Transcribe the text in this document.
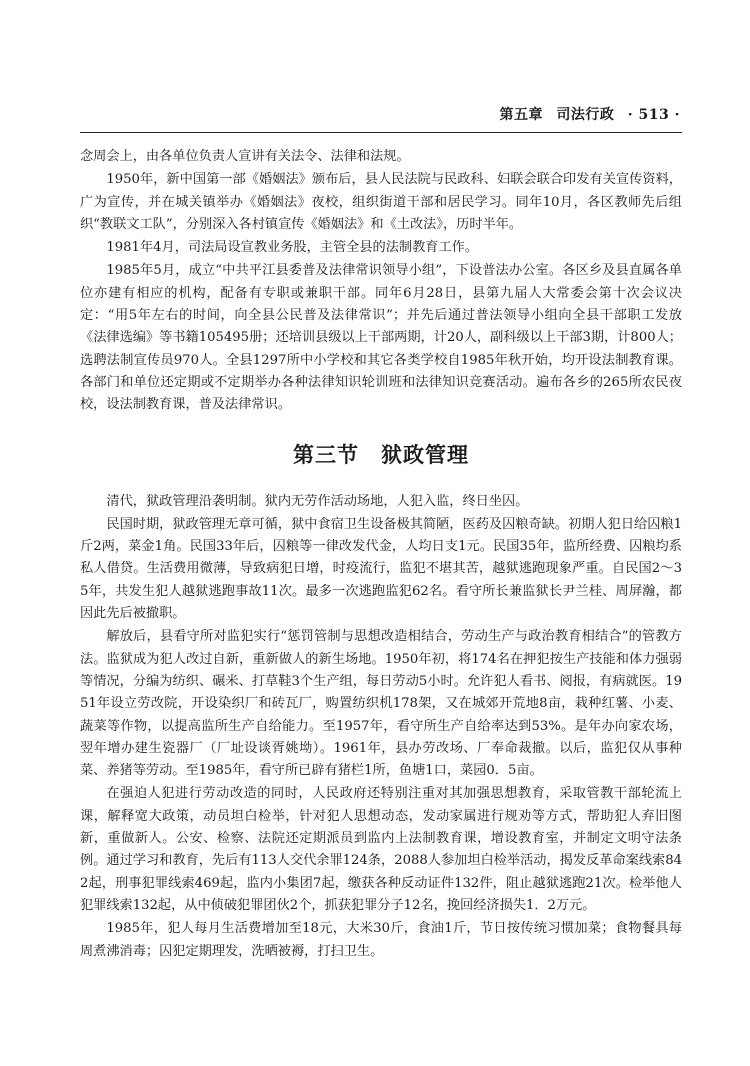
第五章 司法行政 · 513 ·

念周会上，由各单位负责人宣讲有关法令、法律和法规。

1950年，新中国第一部《婚姻法》颁布后，县人民法院与民政科、妇联会联合印发有关宣传资料，广为宣传，并在城关镇举办《婚姻法》夜校，组织街道干部和居民学习。同年10月，各区教师先后组织“教联文工队”，分别深入各村镇宣传《婚姻法》和《土改法》，历时半年。

1981年4月，司法局设宣教业务股，主管全县的法制教育工作。

1985年5月，成立“中共平江县委普及法律常识领导小组”，下设普法办公室。各区乡及县直属各单位亦建有相应的机构，配备有专职或兼职干部。同年6月28日，县第九届人大常委会第十次会议决定：“用5年左右的时间，向全县公民普及法律常识”；并先后通过普法领导小组向全县干部职工发放《法律选编》等书籍105495册；还培训县级以上干部两期，计20人，副科级以上干部3期，计800人；选聘法制宣传员970人。全县1297所中小学校和其它各类学校自1985年秋开始，均开设法制教育课。各部门和单位还定期或不定期举办各种法律知识轮训班和法律知识竞赛活动。遍布各乡的265所农民夜校，设法制教育课，普及法律常识。

第三节 狱政管理

清代，狱政管理沿袭明制。狱内无劳作活动场地，人犯入监，终日坐囚。

民国时期，狱政管理无章可循，狱中食宿卫生设备极其简陋，医药及囚粮奇缺。初期人犯日给囚粮1斤2两，菜金1角。民国33年后，囚粮等一律改发代金，人均日支1元。民国35年，监所经费、囚粮均系 私人借贷。生活费用微薄，导致病犯日增，时疫流行，监犯不堪其苦，越狱逃跑现象严重。自民国2～35年，共发生犯人越狱逃跑事故11次。最多一次逃跑监犯62名。看守所长兼监狱长尹兰桂、周屏瀚，都因此先后被撤职。

解放后，县看守所对监犯实行“惩罚管制与思想改造相结合，劳动生产与政治教育相结合”的管教方法。监狱成为犯人改过自新，重新做人的新生场地。1950年初，将174名在押犯按生产技能和体力强弱等情况，分编为纺织、碾米、打草鞋3个生产组，每日劳动5小时。允许犯人看书、阅报，有病就医。1951年设立劳改院，开设染织厂和砖瓦厂，购置纺织机178架，又在城郊开荒地8亩，栽种红薯、小麦、蔬菜等作物，以提高监所生产自给能力。至1957年，看守所生产自给率达到53%。是年办向家农场，翌年增办建生瓷器厂（厂址设谈胥姚坳）。1961年，县办劳改场、厂奉命裁撤。以后，监犯仅从事种菜、养猪等劳动。至1985年，看守所已辟有猪栏1所，鱼塘1口，菜园0．5亩。

在强迫人犯进行劳动改造的同时，人民政府还特别注重对其加强思想教育，采取管教干部轮流上课，解释宽大政策，动员坦白检举，针对犯人思想动态，发动家属进行规劝等方式，帮助犯人弃旧图新，重做新人。公安、检察、法院还定期派员到监内上法制教育课，增设教育室，并制定文明守法条例。通过学习和教育，先后有113人交代余罪124条，2088人参加坦白检举活动，揭发反革命案线索842起，刑事犯罪线索469起，监内小集团7起，缴获各种反动证件132件，阻止越狱逃跑21次。检举他人犯罪线索132起，从中侦破犯罪团伙2个，抓获犯罪分子12名，挽回经济损失1．2万元。

1985年，犯人每月生活费增加至18元，大米30斤，食油1斤，节日按传统习惯加菜；食物餐具每周煮沸消毒；囚犯定期理发，洗晒被褥，打扫卫生。
